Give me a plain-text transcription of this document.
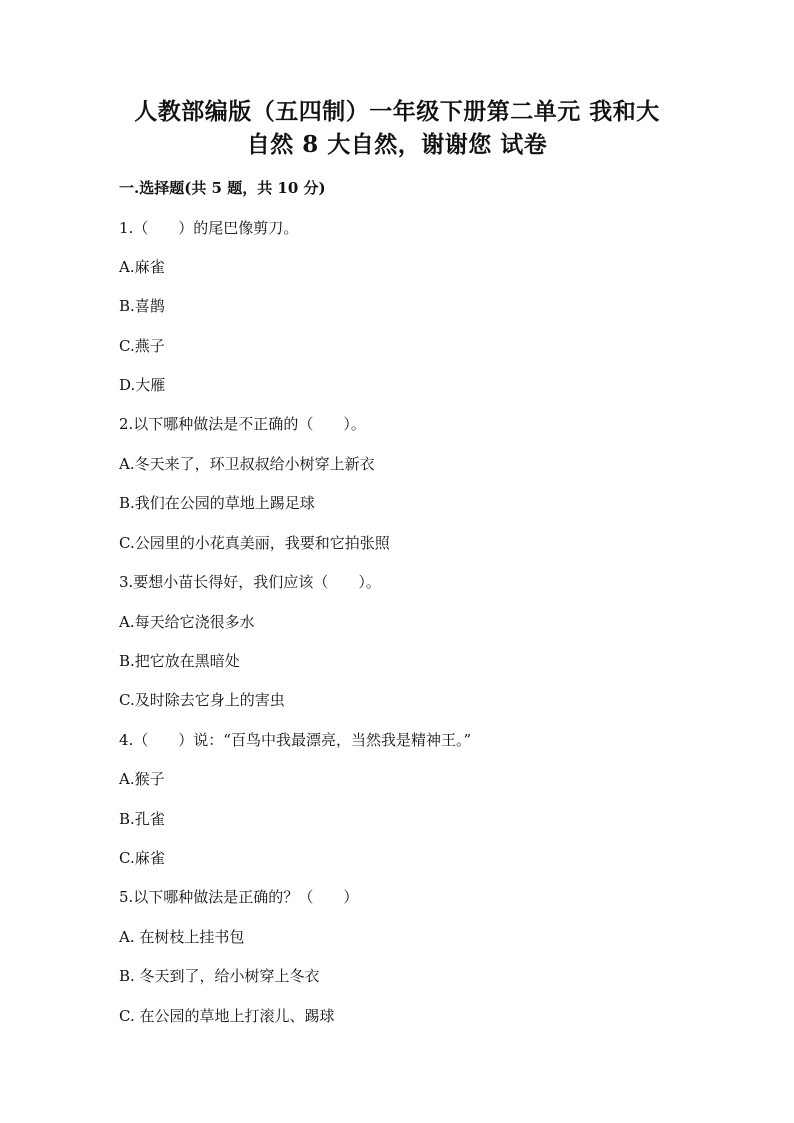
人教部编版（五四制）一年级下册第二单元 我和大
自然 8 大自然，谢谢您 试卷
一.选择题(共 5 题，共 10 分)
1.（　　）的尾巴像剪刀。
A.麻雀
B.喜鹊
C.燕子
D.大雁
2.以下哪种做法是不正确的（　　）。
A.冬天来了，环卫叔叔给小树穿上新衣
B.我们在公园的草地上踢足球
C.公园里的小花真美丽，我要和它拍张照
3.要想小苗长得好，我们应该（　　）。
A.每天给它浇很多水
B.把它放在黑暗处
C.及时除去它身上的害虫
4.（　　）说：“百鸟中我最漂亮，当然我是精神王。”
A.猴子
B.孔雀
C.麻雀
5.以下哪种做法是正确的？（　　）
A. 在树枝上挂书包
B. 冬天到了，给小树穿上冬衣
C. 在公园的草地上打滚儿、踢球
